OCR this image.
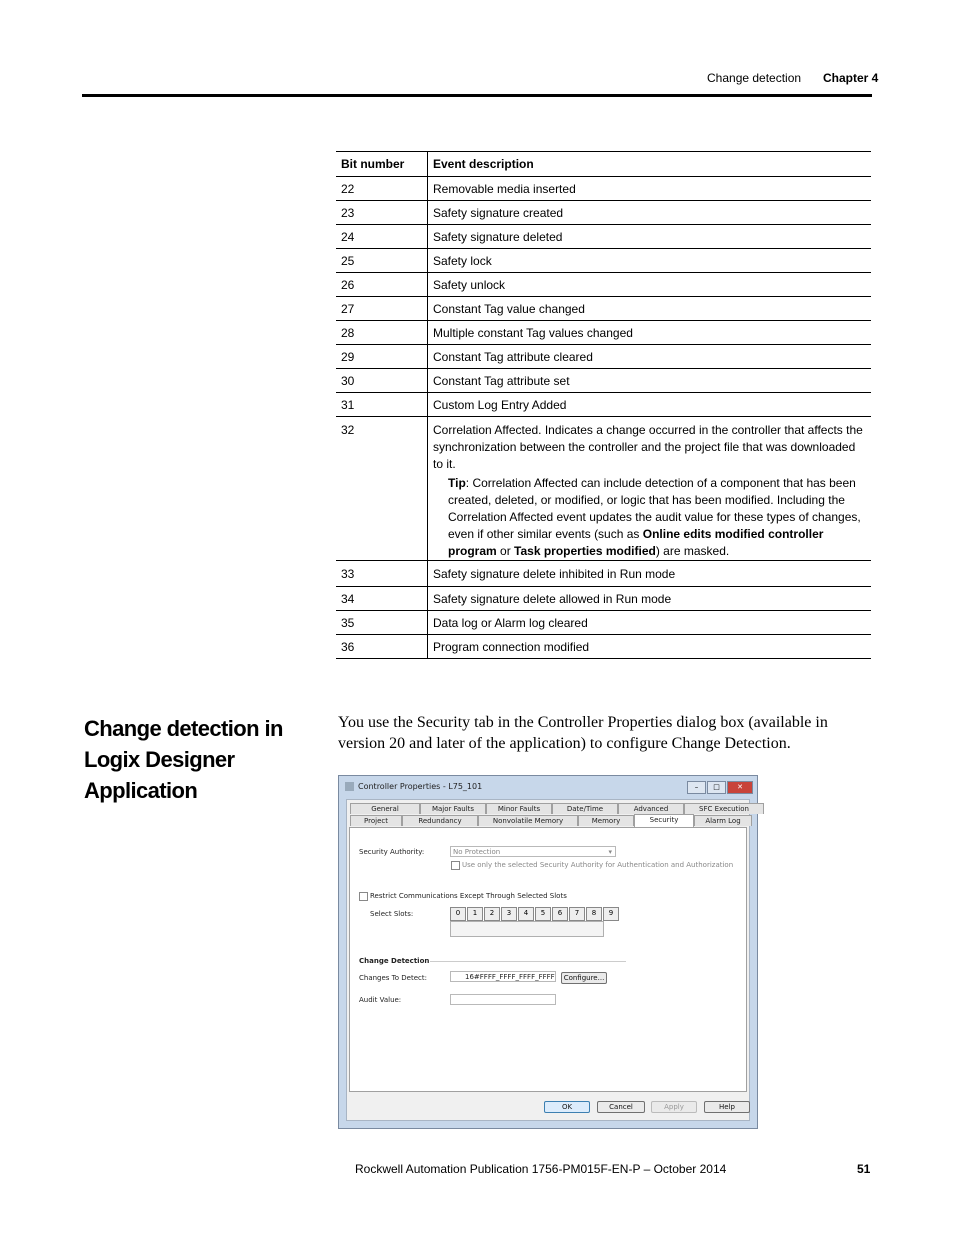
Change detection Chapter 4
Bit number	Event description
22	Removable media inserted
23	Safety signature created
24	Safety signature deleted
25	Safety lock
26	Safety unlock
27	Constant Tag value changed
28	Multiple constant Tag values changed
29	Constant Tag attribute cleared
30	Constant Tag attribute set
31	Custom Log Entry Added
32	Correlation Affected. Indicates a change occurred in the controller that affects the synchronization between the controller and the project file that was downloaded to it.
Tip: Correlation Affected can include detection of a component that has been created, deleted, or modified, or logic that has been modified. Including the Correlation Affected event updates the audit value for these types of changes, even if other similar events (such as Online edits modified controller program or Task properties modified) are masked.

33	Safety signature delete inhibited in Run mode
34	Safety signature delete allowed in Run mode
35	Data log or Alarm log cleared
36	Program connection modified
Change detection in Logix Designer Application
You use the Security tab in the Controller Properties dialog box (available in version 20 and later of the application) to configure Change Detection.
Controller Properties - L75_101	–	□	✕
General	Major Faults	Minor Faults	Date/Time	Advanced	SFC Execution
Project	Redundancy	Nonvolatile Memory	Memory	Security	Alarm Log
Security Authority:	No Protection	▾
Use only the selected Security Authority for Authentication and Authorization
Restrict Communications Except Through Selected Slots
Select Slots:	0	1	2	3	4	5	6	7	8	9
Change Detection
Changes To Detect:	16#FFFF_FFFF_FFFF_FFFF	Configure...
Audit Value:
OK	Cancel	Apply	Help
Rockwell Automation Publication 1756-PM015F-EN-P – October 2014	51
